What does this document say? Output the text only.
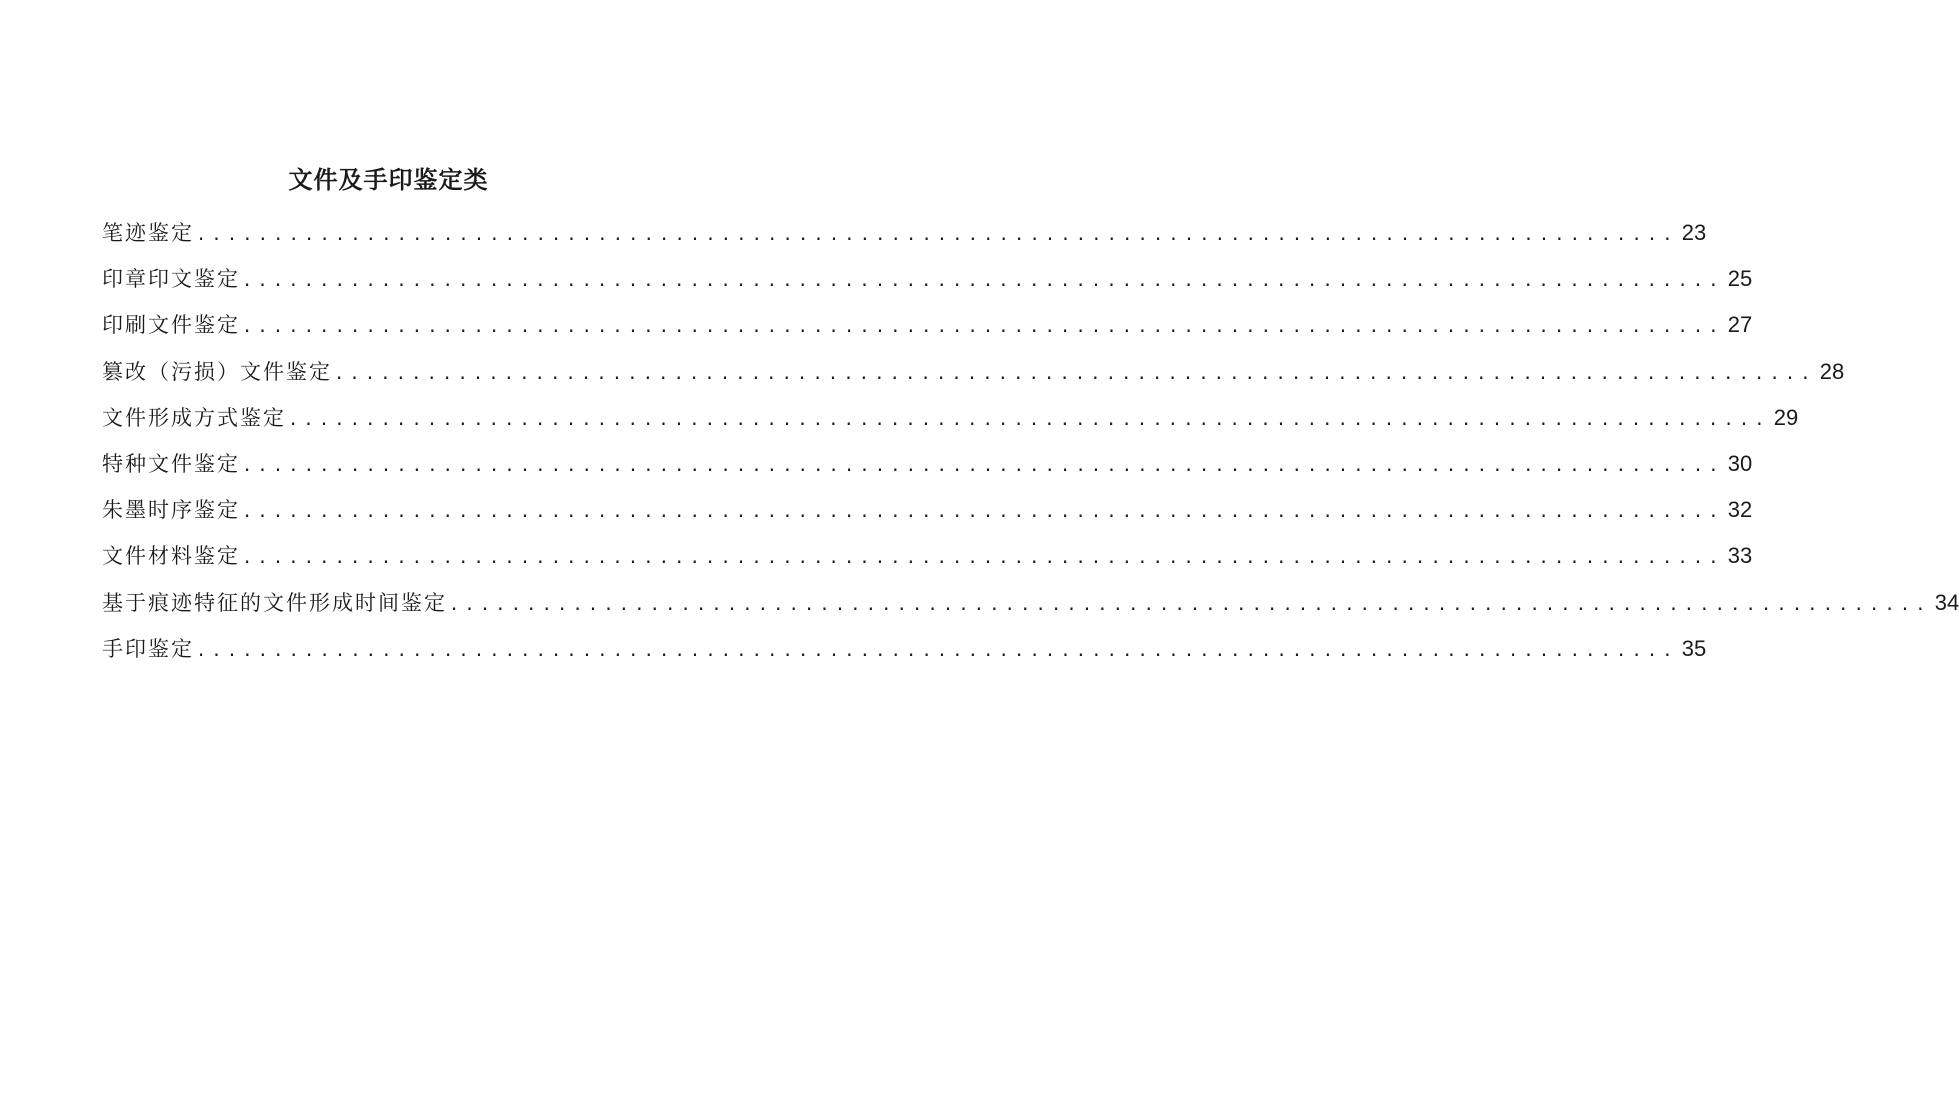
文件及手印鉴定类
笔迹鉴定 ................................................................................................ 23
印章印文鉴定 ................................................................................................ 25
印刷文件鉴定 ................................................................................................ 27
篡改（污损）文件鉴定 ................................................................................................ 28
文件形成方式鉴定 ................................................................................................ 29
特种文件鉴定 ................................................................................................ 30
朱墨时序鉴定 ................................................................................................ 32
文件材料鉴定 ................................................................................................ 33
基于痕迹特征的文件形成时间鉴定 ................................................................................................ 34
手印鉴定 ................................................................................................ 35
